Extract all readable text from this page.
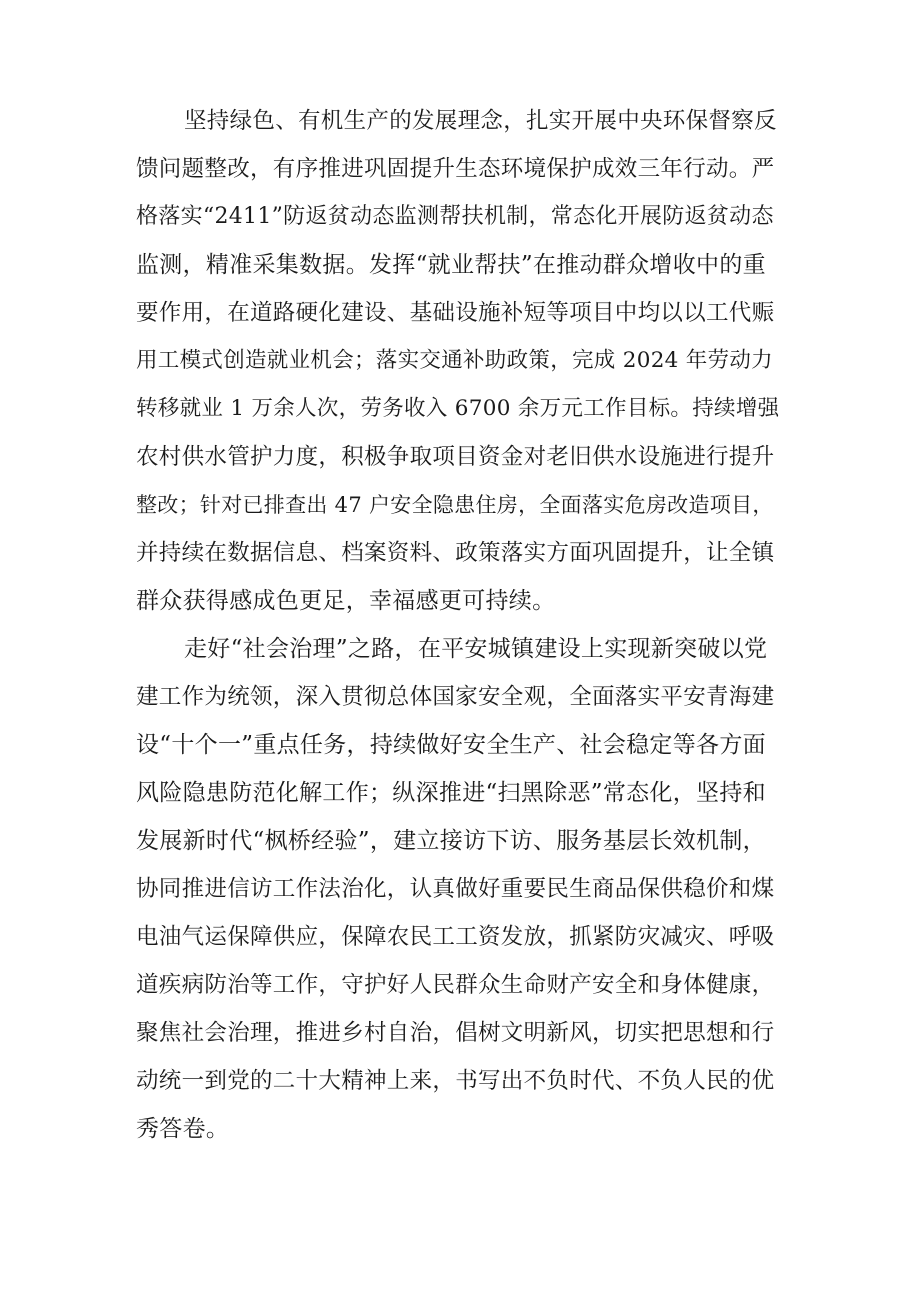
坚持绿色、有机生产的发展理念，扎实开展中央环保督察反

馈问题整改，有序推进巩固提升生态环境保护成效三年行动。严

格落实“2411”防返贫动态监测帮扶机制，常态化开展防返贫动态

监测，精准采集数据。发挥“就业帮扶”在推动群众增收中的重

要作用，在道路硬化建设、基础设施补短等项目中均以以工代赈

用工模式创造就业机会；落实交通补助政策，完成 2024 年劳动力

转移就业 1 万余人次，劳务收入 6700 余万元工作目标。持续增强

农村供水管护力度，积极争取项目资金对老旧供水设施进行提升

整改；针对已排查出 47 户安全隐患住房，全面落实危房改造项目，

并持续在数据信息、档案资料、政策落实方面巩固提升，让全镇

群众获得感成色更足，幸福感更可持续。

走好“社会治理”之路，在平安城镇建设上实现新突破以党

建工作为统领，深入贯彻总体国家安全观，全面落实平安青海建

设“十个一”重点任务，持续做好安全生产、社会稳定等各方面

风险隐患防范化解工作；纵深推进“扫黑除恶”常态化，坚持和

发展新时代“枫桥经验”，建立接访下访、服务基层长效机制，

协同推进信访工作法治化，认真做好重要民生商品保供稳价和煤

电油气运保障供应，保障农民工工资发放，抓紧防灾减灾、呼吸

道疾病防治等工作，守护好人民群众生命财产安全和身体健康，

聚焦社会治理，推进乡村自治，倡树文明新风，切实把思想和行

动统一到党的二十大精神上来，书写出不负时代、不负人民的优

秀答卷。
